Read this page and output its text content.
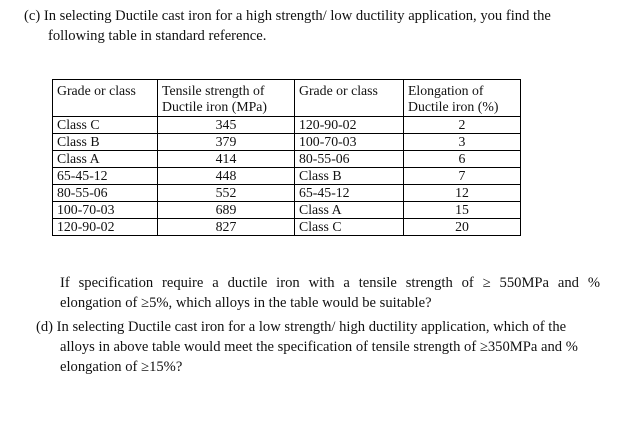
(c) In selecting Ductile cast iron for a high strength/ low ductility application, you find the
following table in standard reference.

Grade or class	Tensile strength of Ductile iron (MPa)	Grade or class	Elongation of Ductile iron (%)
Class C	345	120-90-02	2
Class B	379	100-70-03	3
Class A	414	80-55-06	6
65-45-12	448	Class B	7
80-55-06	552	65-45-12	12
100-70-03	689	Class A	15
120-90-02	827	Class C	20

If specification require a ductile iron with a tensile strength of ≥ 550MPa and %
elongation of ≥5%, which alloys in the table would be suitable?

(d) In selecting Ductile cast iron for a low strength/ high ductility application, which of the
alloys in above table would meet the specification of tensile strength of ≥350MPa and %
elongation of ≥15%?
